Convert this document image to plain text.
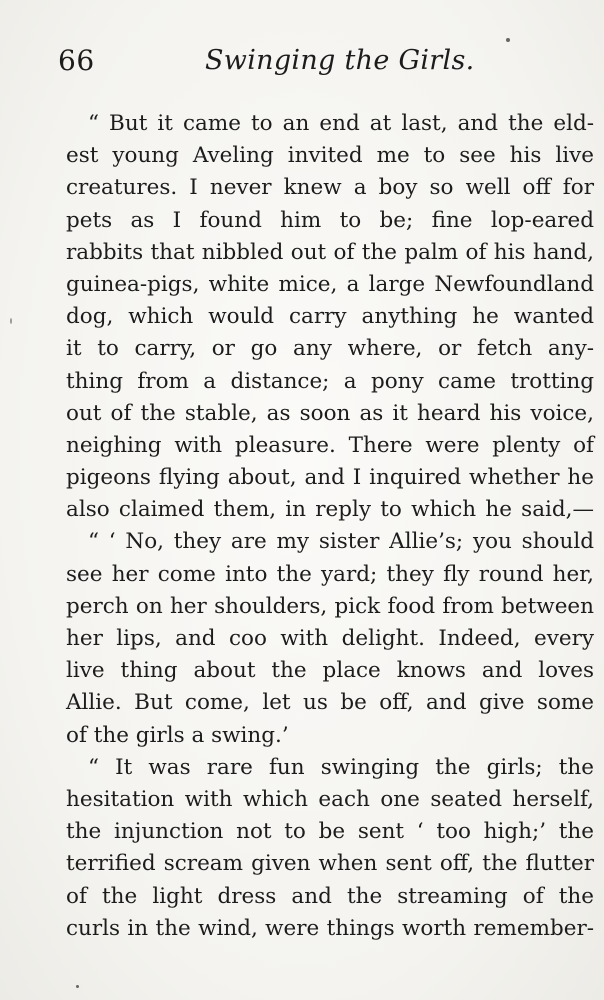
66	Swinging the Girls.
“ But it came to an end at last, and the eld-
est young Aveling invited me to see his live
creatures. I never knew a boy so well off for
pets as I found him to be; fine lop-eared
rabbits that nibbled out of the palm of his hand,
guinea-pigs, white mice, a large Newfoundland
dog, which would carry anything he wanted
it to carry, or go any where, or fetch any-
thing from a distance; a pony came trotting
out of the stable, as soon as it heard his voice,
neighing with pleasure. There were plenty of
pigeons flying about, and I inquired whether he
also claimed them, in reply to which he said,—
“ ‘ No, they are my sister Allie’s; you should
see her come into the yard; they fly round her,
perch on her shoulders, pick food from between
her lips, and coo with delight. Indeed, every
live thing about the place knows and loves
Allie. But come, let us be off, and give some
of the girls a swing.’
“ It was rare fun swinging the girls; the
hesitation with which each one seated herself,
the injunction not to be sent ‘ too high;’ the
terrified scream given when sent off, the flutter
of the light dress and the streaming of the
curls in the wind, were things worth remember-
